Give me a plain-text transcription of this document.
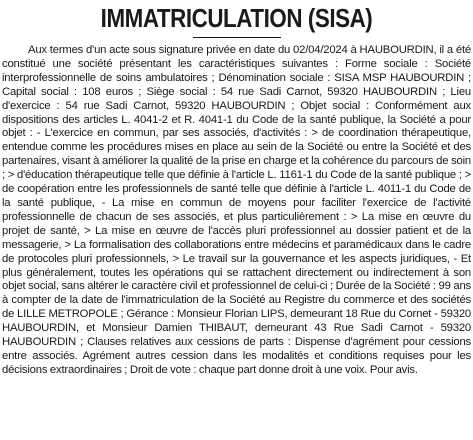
IMMATRICULATION (SISA)

Aux termes d'un acte sous signature privée en date du 02/04/2024 à HAUBOURDIN, il a été constitué une société présentant les caractéristiques suivantes : Forme sociale : Société interprofessionnelle de soins ambulatoires ; Dénomination sociale : SISA MSP HAUBOURDIN ; Capital social : 108 euros ; Siège social : 54 rue Sadi Carnot, 59320 HAUBOURDIN ; Lieu d'exercice : 54 rue Sadi Carnot, 59320 HAUBOURDIN ; Objet social : Conformément aux dispositions des articles L. 4041-2 et R. 4041-1 du Code de la santé publique, la Société a pour objet : - L'exercice en commun, par ses associés, d'activités : > de coordination thérapeutique, entendue comme les procédures mises en place au sein de la Société ou entre la Société et des partenaires, visant à améliorer la qualité de la prise en charge et la cohérence du parcours de soin ; > d'éducation thérapeutique telle que définie à l'article L. 1161-1 du Code de la santé publique ; > de coopération entre les professionnels de santé telle que définie à l'article L. 4011-1 du Code de la santé publique, - La mise en commun de moyens pour faciliter l'exercice de l'activité professionnelle de chacun de ses associés, et plus particulièrement : > La mise en œuvre du projet de santé, > La mise en œuvre de l'accès pluri professionnel au dossier patient et de la messagerie, > La formalisation des collaborations entre médecins et paramédicaux dans le cadre de protocoles pluri professionnels, > Le travail sur la gouvernance et les aspects juridiques, - Et plus généralement, toutes les opérations qui se rattachent directement ou indirectement à son objet social, sans altérer le caractère civil et professionnel de celui-ci ; Durée de la Société : 99 ans à compter de la date de l'immatriculation de la Société au Registre du commerce et des sociétés de LILLE METROPOLE ; Gérance : Monsieur Florian LIPS, demeurant 18 Rue du Cornet - 59320 HAUBOURDIN, et Monsieur Damien THIBAUT, demeurant 43 Rue Sadi Carnot - 59320 HAUBOURDIN ; Clauses relatives aux cessions de parts : Dispense d'agrément pour cessions entre associés. Agrément autres cession dans les modalités et conditions requises pour les décisions extraordinaires ; Droit de vote : chaque part donne droit à une voix. Pour avis.
